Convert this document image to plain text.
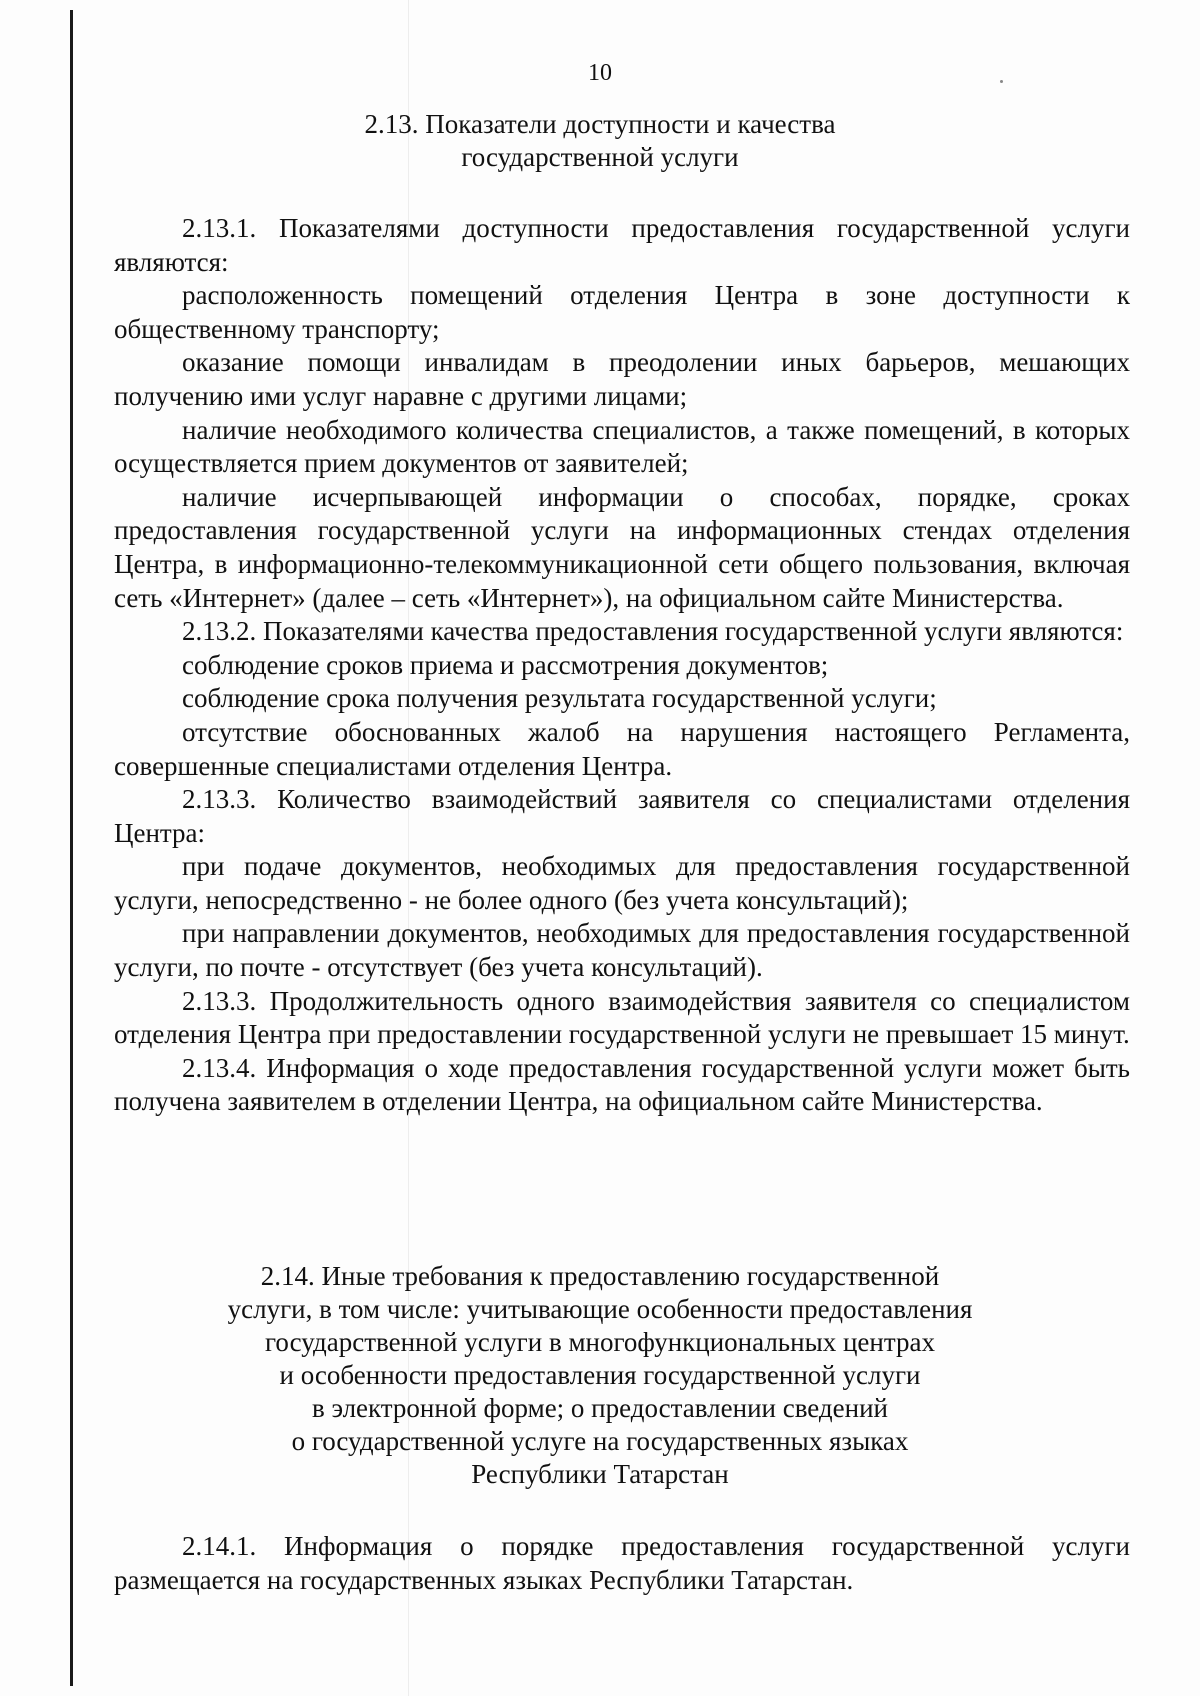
10
2.13. Показатели доступности и качества
государственной услуги

2.13.1. Показателями доступности предоставления государственной услуги являются:

расположенность помещений отделения Центра в зоне доступности к общественному транспорту;

оказание помощи инвалидам в преодолении иных барьеров, мешающих получению ими услуг наравне с другими лицами;

наличие необходимого количества специалистов, а также помещений, в которых осуществляется прием документов от заявителей;

наличие исчерпывающей информации о способах, порядке, сроках предоставления государственной услуги на информационных стендах отделения Центра, в информационно-телекоммуникационной сети общего пользования, включая сеть «Интернет» (далее – сеть «Интернет»), на официальном сайте Министерства.

2.13.2. Показателями качества предоставления государственной услуги являются:

соблюдение сроков приема и рассмотрения документов;

соблюдение срока получения результата государственной услуги;

отсутствие обоснованных жалоб на нарушения настоящего Регламента, совершенные специалистами отделения Центра.

2.13.3. Количество взаимодействий заявителя со специалистами отделения Центра:

при подаче документов, необходимых для предоставления государственной услуги, непосредственно - не более одного (без учета консультаций);

при направлении документов, необходимых для предоставления государственной услуги, по почте - отсутствует (без учета консультаций).

2.13.3. Продолжительность одного взаимодействия заявителя со специалистом отделения Центра при предоставлении государственной услуги не превышает 15 минут.

2.13.4. Информация о ходе предоставления государственной услуги может быть получена заявителем в отделении Центра, на официальном сайте Министерства.

2.14. Иные требования к предоставлению государственной
услуги, в том числе: учитывающие особенности предоставления
государственной услуги в многофункциональных центрах
и особенности предоставления государственной услуги
в электронной форме; о предоставлении сведений
о государственной услуге на государственных языках
Республики Татарстан

2.14.1. Информация о порядке предоставления государственной услуги размещается на государственных языках Республики Татарстан.
